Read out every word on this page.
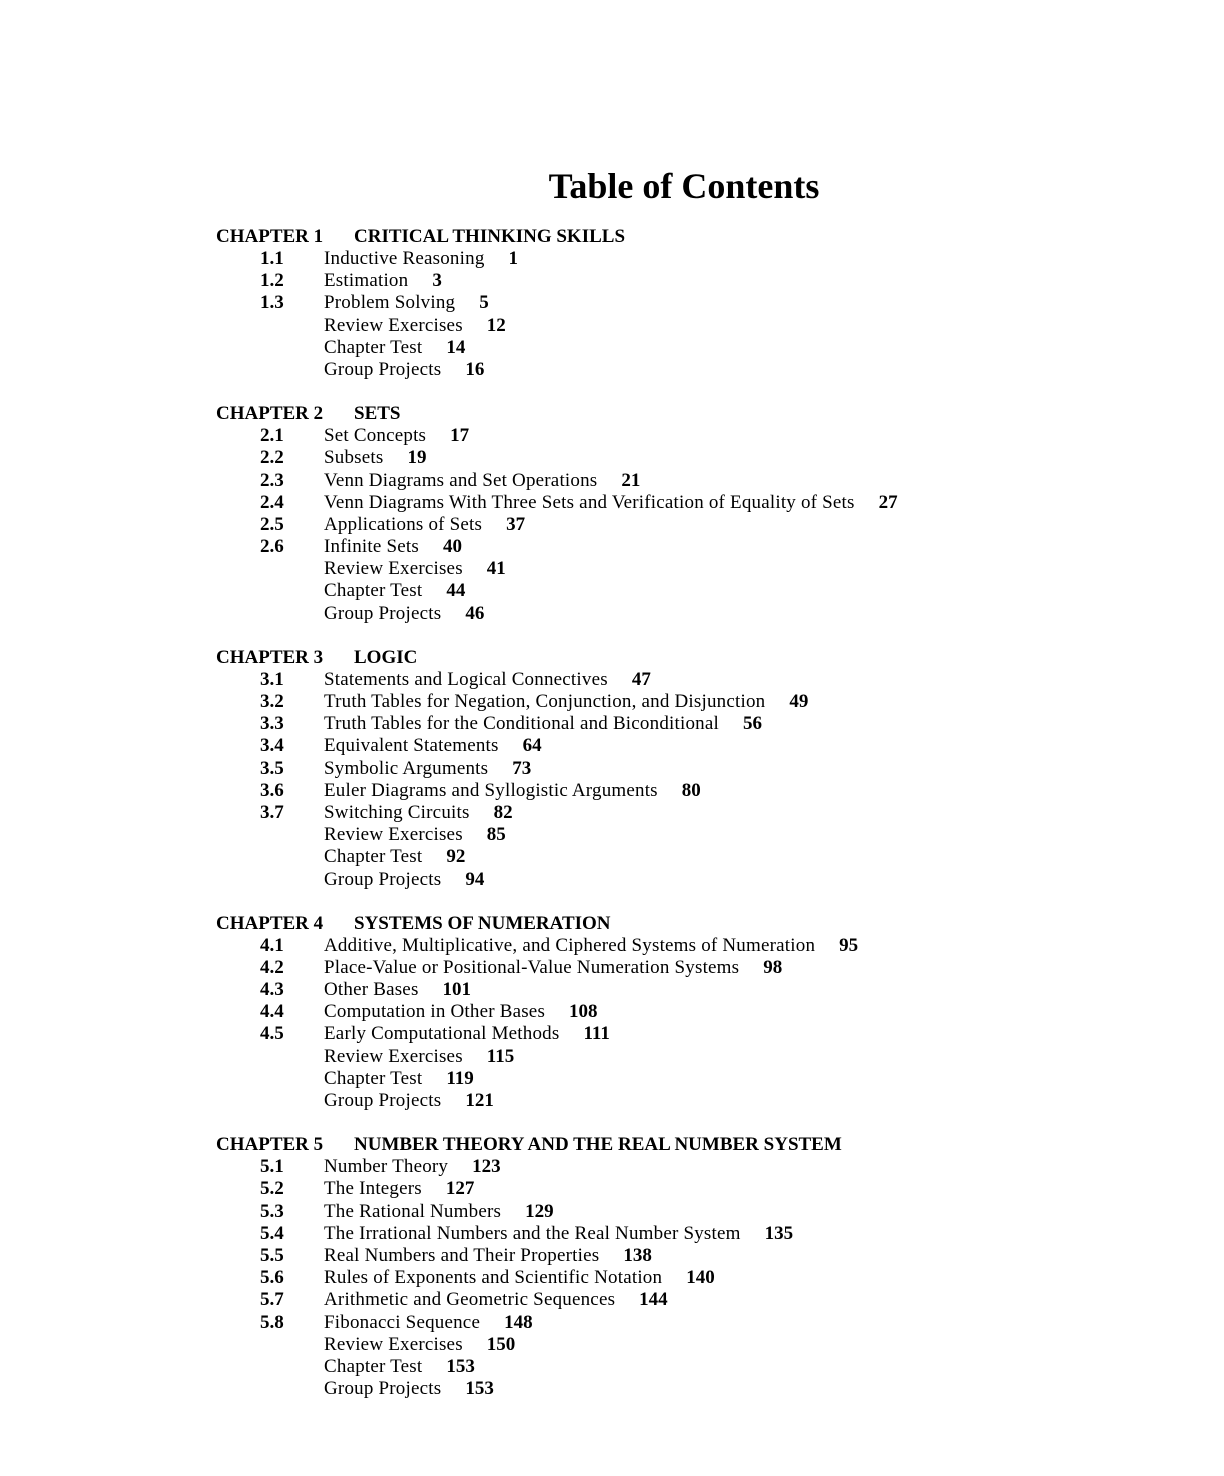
Table of Contents
CHAPTER 1 CRITICAL THINKING SKILLS
1.1 Inductive Reasoning 1
1.2 Estimation 3
1.3 Problem Solving 5
Review Exercises 12
Chapter Test 14
Group Projects 16
CHAPTER 2 SETS
2.1 Set Concepts 17
2.2 Subsets 19
2.3 Venn Diagrams and Set Operations 21
2.4 Venn Diagrams With Three Sets and Verification of Equality of Sets 27
2.5 Applications of Sets 37
2.6 Infinite Sets 40
Review Exercises 41
Chapter Test 44
Group Projects 46
CHAPTER 3 LOGIC
3.1 Statements and Logical Connectives 47
3.2 Truth Tables for Negation, Conjunction, and Disjunction 49
3.3 Truth Tables for the Conditional and Biconditional 56
3.4 Equivalent Statements 64
3.5 Symbolic Arguments 73
3.6 Euler Diagrams and Syllogistic Arguments 80
3.7 Switching Circuits 82
Review Exercises 85
Chapter Test 92
Group Projects 94
CHAPTER 4 SYSTEMS OF NUMERATION
4.1 Additive, Multiplicative, and Ciphered Systems of Numeration 95
4.2 Place-Value or Positional-Value Numeration Systems 98
4.3 Other Bases 101
4.4 Computation in Other Bases 108
4.5 Early Computational Methods 111
Review Exercises 115
Chapter Test 119
Group Projects 121
CHAPTER 5 NUMBER THEORY AND THE REAL NUMBER SYSTEM
5.1 Number Theory 123
5.2 The Integers 127
5.3 The Rational Numbers 129
5.4 The Irrational Numbers and the Real Number System 135
5.5 Real Numbers and Their Properties 138
5.6 Rules of Exponents and Scientific Notation 140
5.7 Arithmetic and Geometric Sequences 144
5.8 Fibonacci Sequence 148
Review Exercises 150
Chapter Test 153
Group Projects 153
